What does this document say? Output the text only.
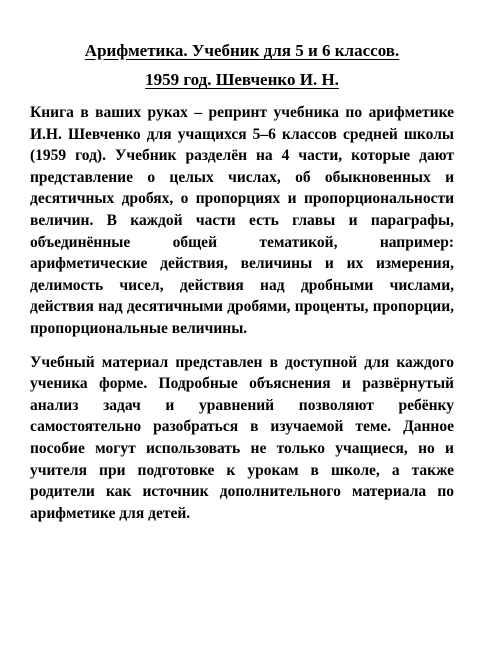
Арифметика. Учебник для 5 и 6 классов.

1959 год. Шевченко И. Н.

Книга в ваших руках – репринт учебника по арифметике И.Н. Шевченко для учащихся 5–6 классов средней школы (1959 год). Учебник разделён на 4 части, которые дают представление о целых числах, об обыкновенных и десятичных дробях, о пропорциях и пропорциональности величин. В каждой части есть главы и параграфы, объединённые общей тематикой, например: арифметические действия, величины и их измерения, делимость чисел, действия над дробными числами, действия над десятичными дробями, проценты, пропорции, пропорциональные величины.

Учебный материал представлен в доступной для каждого ученика форме. Подробные объяснения и развёрнутый анализ задач и уравнений позволяют ребёнку самостоятельно разобраться в изучаемой теме. Данное пособие могут использовать не только учащиеся, но и учителя при подготовке к урокам в школе, а также родители как источник дополнительного материала по арифметике для детей.
